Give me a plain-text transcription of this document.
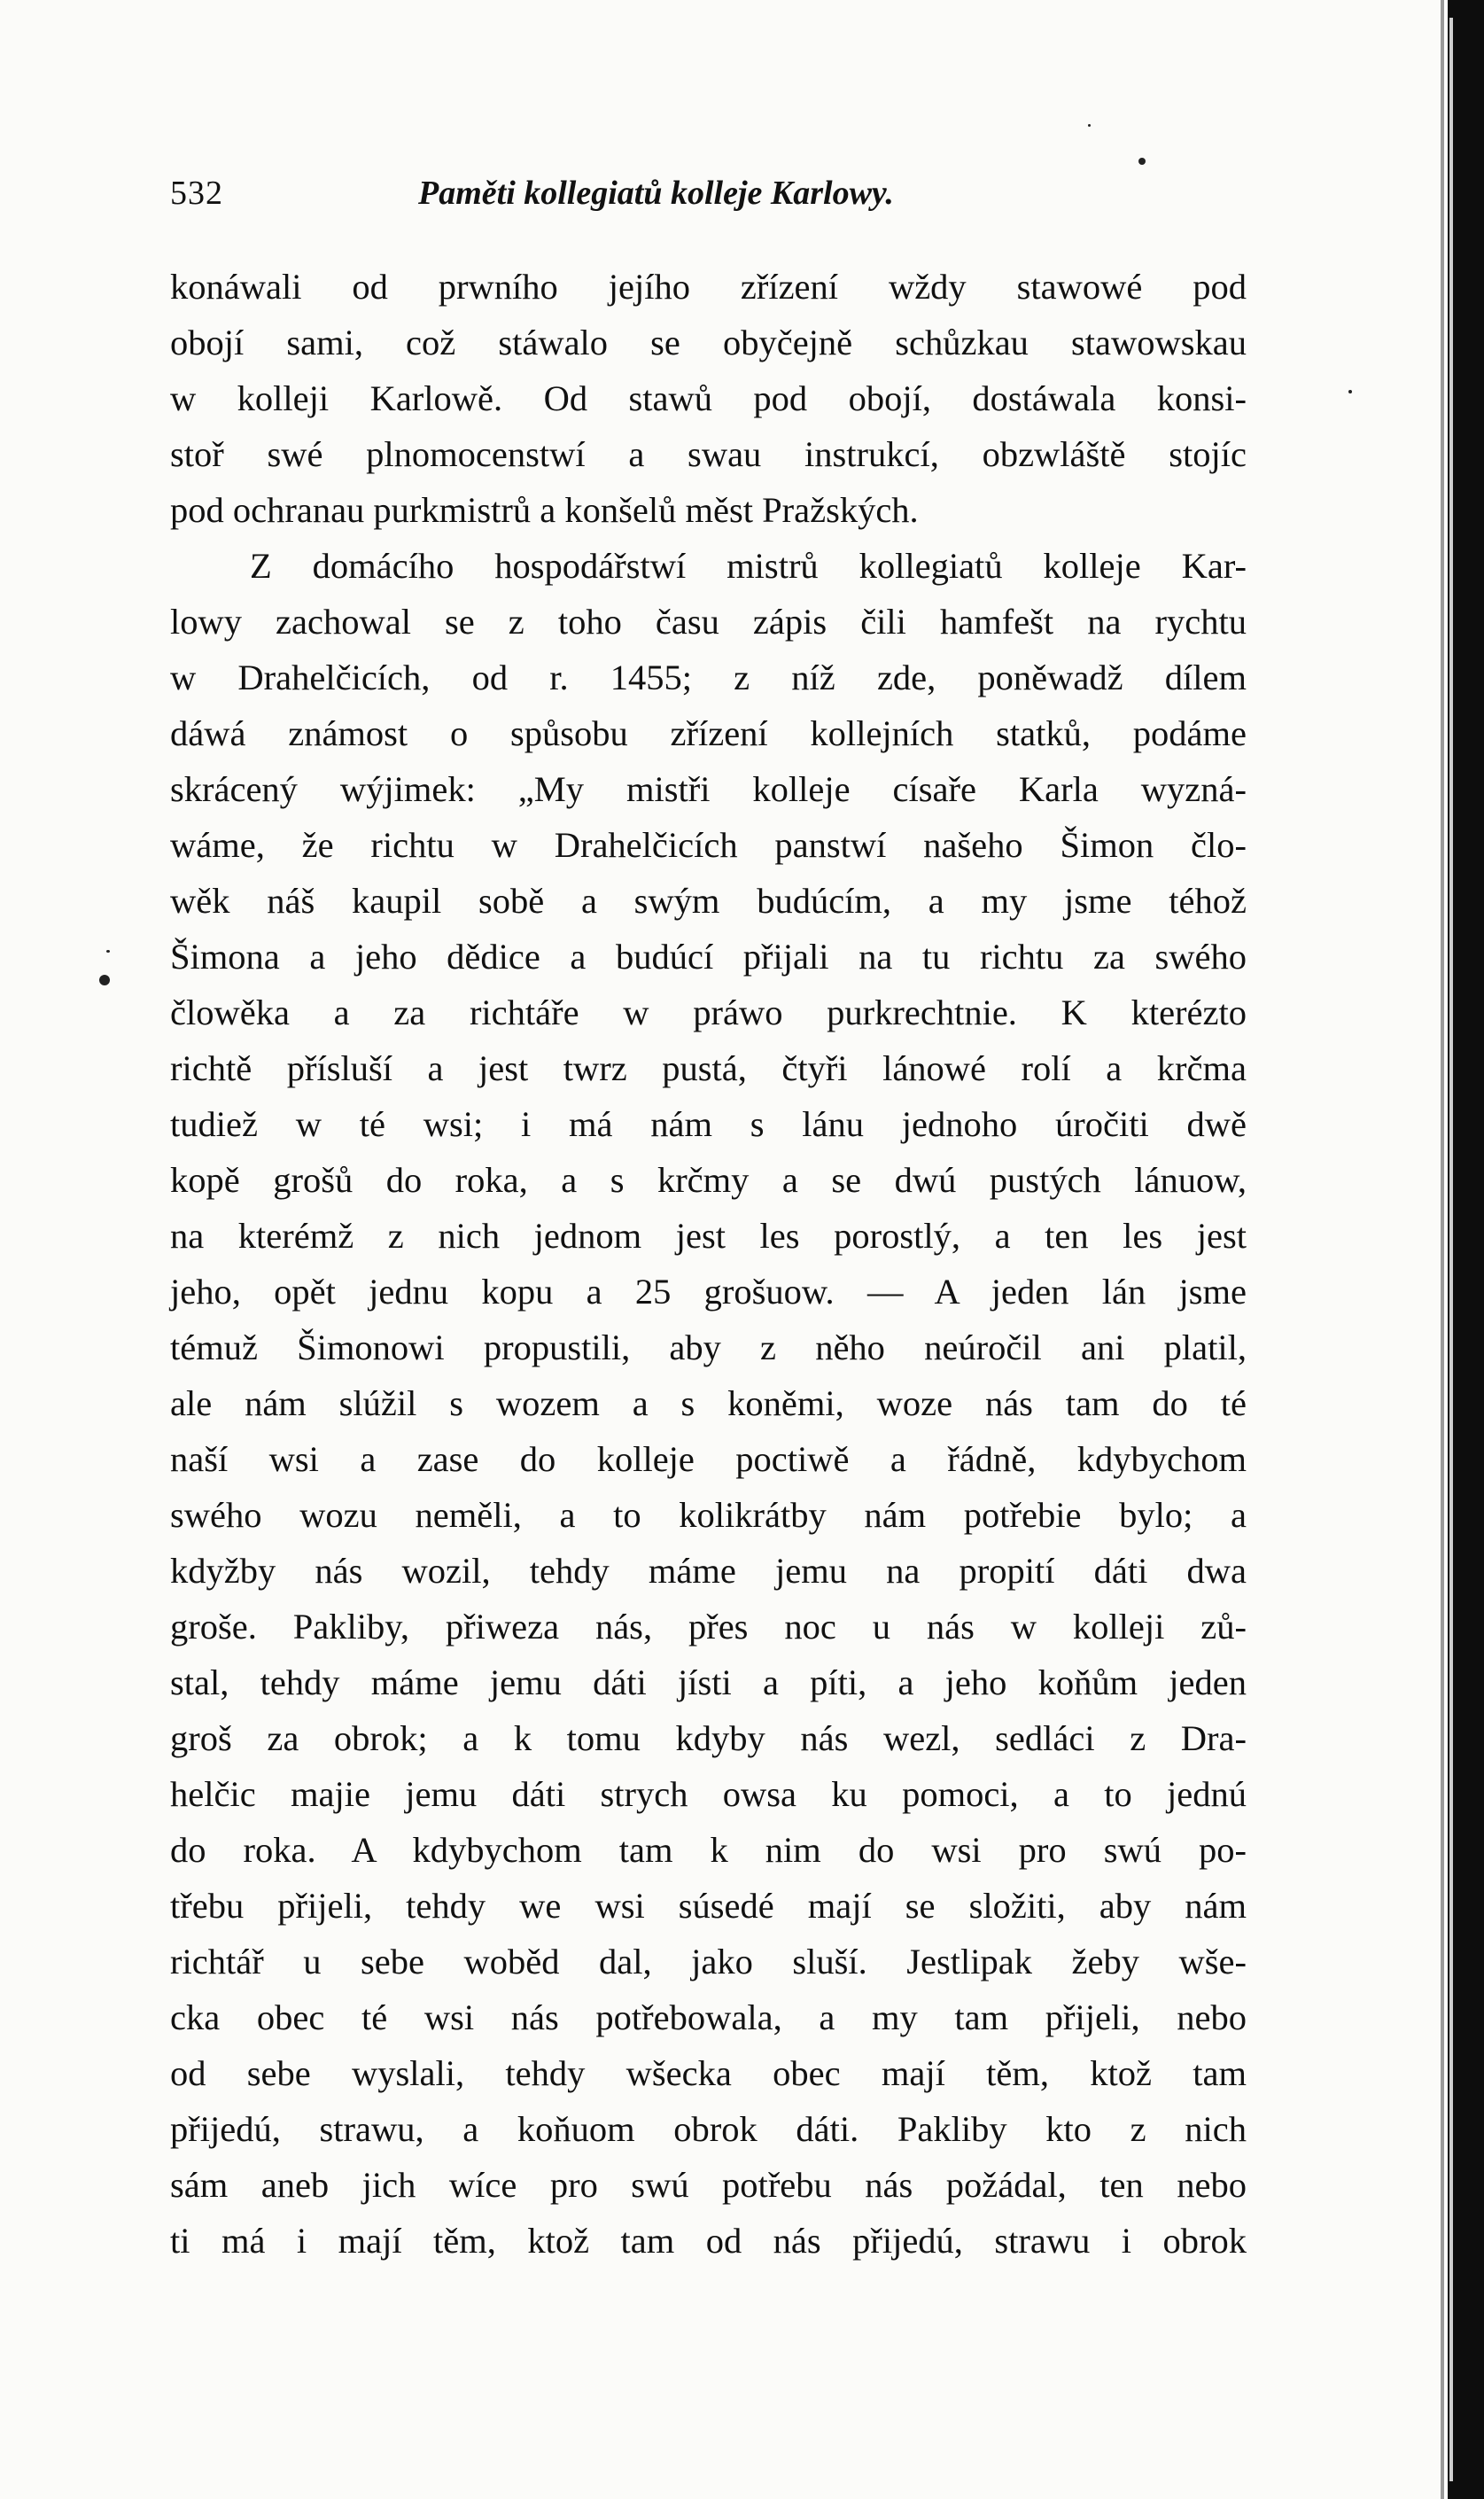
532	Paměti kollegiatů kolleje Karlowy.
konáwali od prwního jejího zřízení wždy stawowé pod
obojí sami, což stáwalo se obyčejně schůzkau stawowskau
w kolleji Karlowě. Od stawů pod obojí, dostáwala konsi-
stoř swé plnomocenstwí a swau instrukcí, obzwláště stojíc
pod ochranau purkmistrů a konšelů měst Pražských.
Z domácího hospodářstwí mistrů kollegiatů kolleje Kar-
lowy zachowal se z toho času zápis čili hamfešt na rychtu
w Drahelčicích, od r. 1455; z níž zde, poněwadž dílem
dáwá známost o spůsobu zřízení kollejních statků, podáme
skrácený wýjimek: „My mistři kolleje císaře Karla wyzná-
wáme, že richtu w Drahelčicích panstwí našeho Šimon člo-
wěk náš kaupil sobě a swým budúcím, a my jsme téhož
Šimona a jeho dědice a budúcí přijali na tu richtu za swého
člowěka a za richtáře w práwo purkrechtnie. K kterézto
richtě přísluší a jest twrz pustá, čtyři lánowé rolí a krčma
tudiež w té wsi; i má nám s lánu jednoho úročiti dwě
kopě grošů do roka, a s krčmy a se dwú pustých lánuow,
na kterémž z nich jednom jest les porostlý, a ten les jest
jeho, opět jednu kopu a 25 grošuow. — A jeden lán jsme
témuž Šimonowi propustili, aby z něho neúročil ani platil,
ale nám slúžil s wozem a s koněmi, woze nás tam do té
naší wsi a zase do kolleje poctiwě a řádně, kdybychom
swého wozu neměli, a to kolikrátby nám potřebie bylo; a
kdyžby nás wozil, tehdy máme jemu na propití dáti dwa
groše. Pakliby, přiweza nás, přes noc u nás w kolleji zů-
stal, tehdy máme jemu dáti jísti a píti, a jeho koňům jeden
groš za obrok; a k tomu kdyby nás wezl, sedláci z Dra-
helčic majie jemu dáti strych owsa ku pomoci, a to jednú
do roka. A kdybychom tam k nim do wsi pro swú po-
třebu přijeli, tehdy we wsi súsedé mají se složiti, aby nám
richtář u sebe woběd dal, jako sluší. Jestlipak žeby wše-
cka obec té wsi nás potřebowala, a my tam přijeli, nebo
od sebe wyslali, tehdy wšecka obec mají těm, ktož tam
přijedú, strawu, a koňuom obrok dáti. Pakliby kto z nich
sám aneb jich wíce pro swú potřebu nás požádal, ten nebo
ti má i mají těm, ktož tam od nás přijedú, strawu i obrok
